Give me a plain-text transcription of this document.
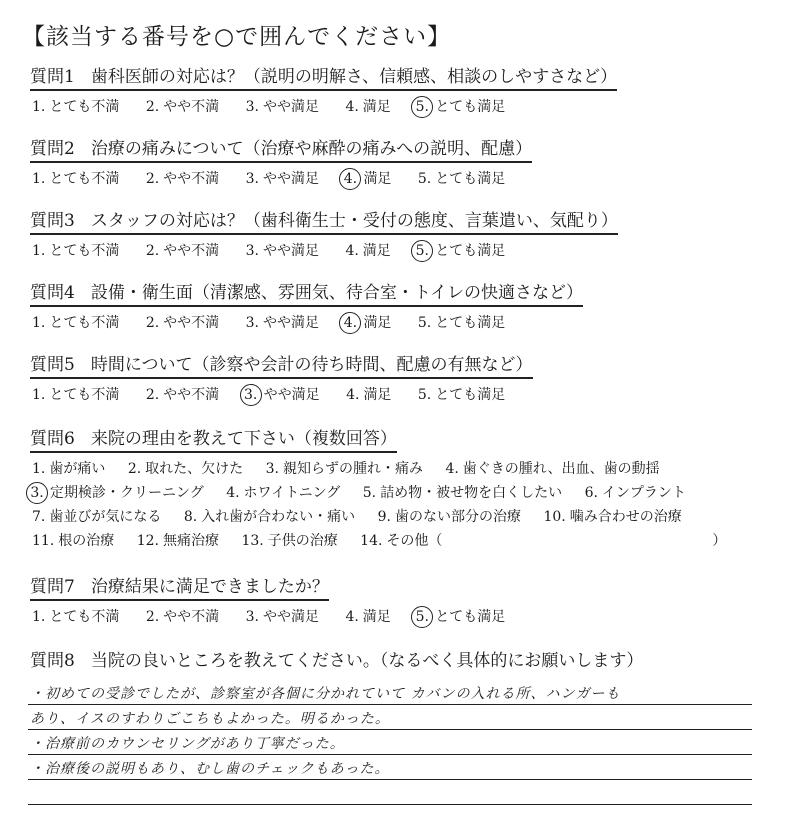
【該当する番号を○で囲んでください】
質問1 歯科医師の対応は？（説明の明解さ、信頼感、相談のしやすさなど）
1. とても不満 2. やや不満 3. やや満足 4. 満足 5. とても満足
質問2 治療の痛みについて（治療や麻酔の痛みへの説明、配慮）
1. とても不満 2. やや不満 3. やや満足 4. 満足 5. とても満足
質問3 スタッフの対応は？（歯科衛生士・受付の態度、言葉遣い、気配り）
1. とても不満 2. やや不満 3. やや満足 4. 満足 5. とても満足
質問4 設備・衛生面（清潔感、雰囲気、待合室・トイレの快適さなど）
1. とても不満 2. やや不満 3. やや満足 4. 満足 5. とても満足
質問5 時間について（診察や会計の待ち時間、配慮の有無など）
1. とても不満 2. やや不満 3. やや満足 4. 満足 5. とても満足
質問6 来院の理由を教えて下さい（複数回答）
1. 歯が痛い 2. 取れた、欠けた 3. 親知らずの腫れ・痛み 4. 歯ぐきの腫れ、出血、歯の動揺
3. 定期検診・クリーニング 4. ホワイトニング 5. 詰め物・被せ物を白くしたい 6. インプラント
7. 歯並びが気になる 8. 入れ歯が合わない・痛い 9. 歯のない部分の治療 10. 噛み合わせの治療
11. 根の治療 12. 無痛治療 13. 子供の治療 14. その他（	）
質問7 治療結果に満足できましたか？
1. とても不満 2. やや不満 3. やや満足 4. 満足 5. とても満足
質問8 当院の良いところを教えてください。（なるべく具体的にお願いします）
・初めての受診でしたが、診察室が各個に分かれていて カバンの入れる所、ハンガーも
あり、イスのすわりごこちもよかった。明るかった。
・治療前のカウンセリングがあり丁寧だった。
・治療後の説明もあり、むし歯のチェックもあった。
